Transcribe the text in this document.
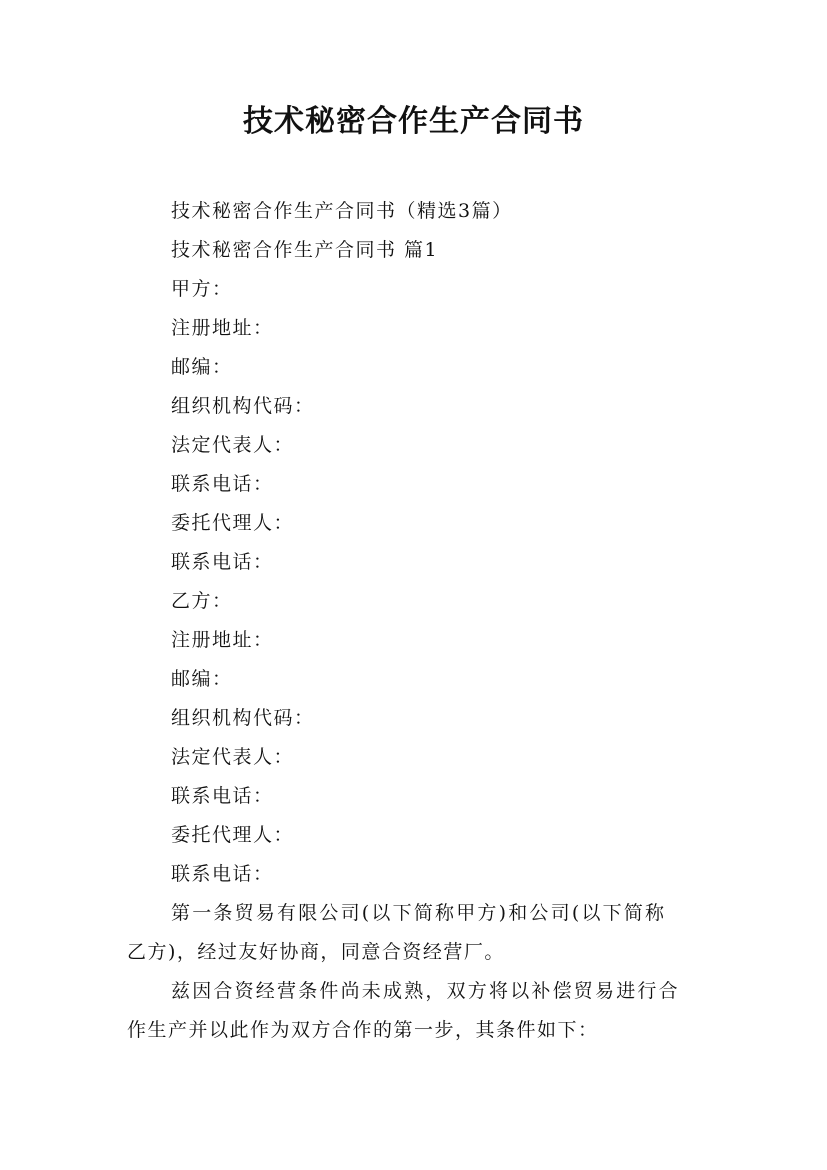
技术秘密合作生产合同书
技术秘密合作生产合同书（精选3篇）
技术秘密合作生产合同书 篇1
甲方：
注册地址：
邮编：
组织机构代码：
法定代表人：
联系电话：
委托代理人：
联系电话：
乙方：
注册地址：
邮编：
组织机构代码：
法定代表人：
联系电话：
委托代理人：
联系电话：
第一条贸易有限公司(以下简称甲方)和公司(以下简称
乙方)，经过友好协商，同意合资经营厂。
兹因合资经营条件尚未成熟，双方将以补偿贸易进行合
作生产并以此作为双方合作的第一步，其条件如下：
